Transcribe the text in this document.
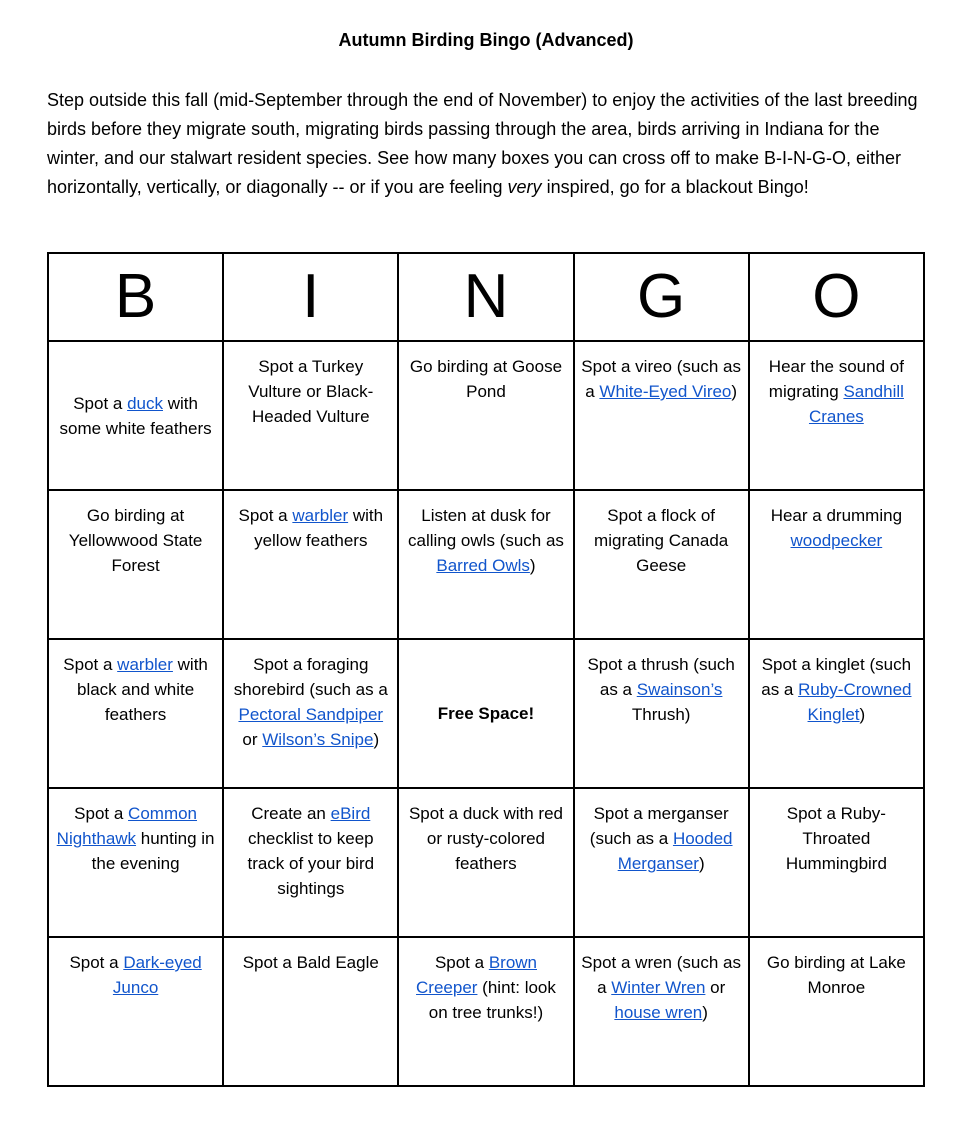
Autumn Birding Bingo (Advanced)

Step outside this fall (mid-September through the end of November) to enjoy the activities of the last breeding birds before they migrate south, migrating birds passing through the area, birds arriving in Indiana for the winter, and our stalwart resident species. See how many boxes you can cross off to make B-I-N-G-O, either horizontally, vertically, or diagonally -- or if you are feeling very inspired, go for a blackout Bingo!

B	I	N	G	O
Spot a duck with some white feathers	Spot a Turkey Vulture or Black-Headed Vulture	Go birding at Goose Pond	Spot a vireo (such as a White-Eyed Vireo)	Hear the sound of migrating Sandhill Cranes
Go birding at Yellowwood State Forest	Spot a warbler with yellow feathers	Listen at dusk for calling owls (such as Barred Owls)	Spot a flock of migrating Canada Geese	Hear a drumming woodpecker
Spot a warbler with black and white feathers	Spot a foraging shorebird (such as a Pectoral Sandpiper or Wilson’s Snipe)	Free Space!	Spot a thrush (such as a Swainson’s Thrush)	Spot a kinglet (such as a Ruby-Crowned Kinglet)
Spot a Common Nighthawk hunting in the evening	Create an eBird checklist to keep track of your bird sightings	Spot a duck with red or rusty-colored feathers	Spot a merganser (such as a Hooded Merganser)	Spot a Ruby-Throated Hummingbird
Spot a Dark-eyed Junco	Spot a Bald Eagle	Spot a Brown Creeper (hint: look on tree trunks!)	Spot a wren (such as a Winter Wren or house wren)	Go birding at Lake Monroe
